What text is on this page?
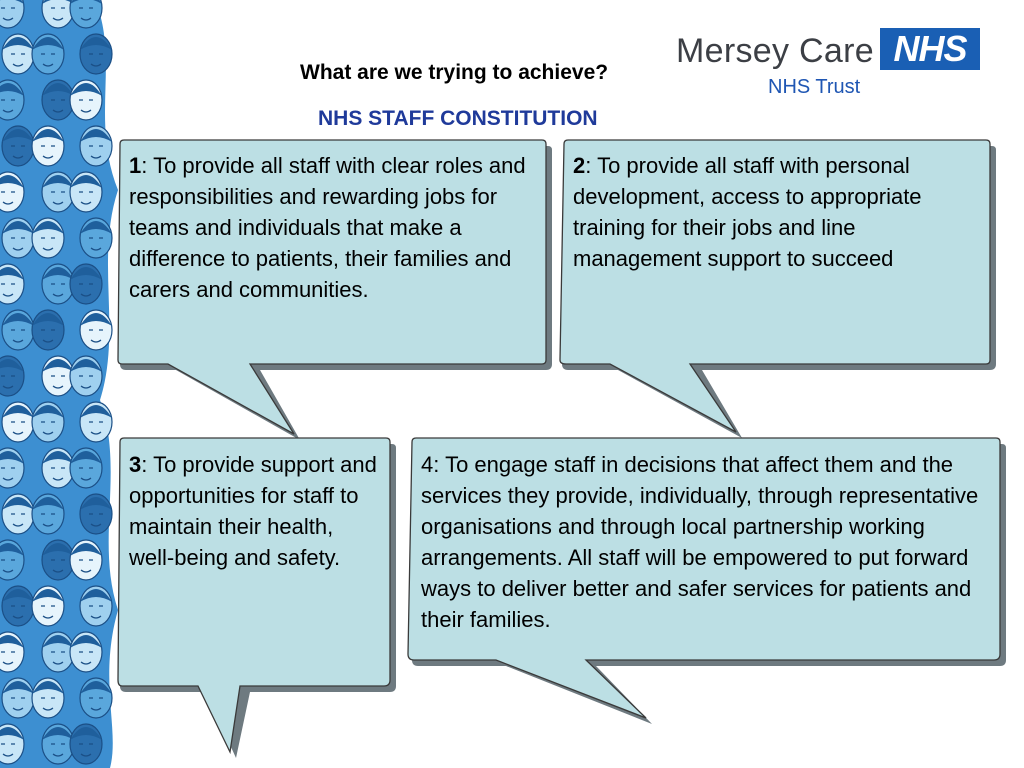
What are we trying to achieve?
NHS STAFF CONSTITUTION
Mersey Care
NHS Trust
NHS
1: To provide all staff with clear roles and responsibilities and rewarding jobs for teams and individuals that make a difference to patients, their families and carers and communities.
2: To provide all staff with personal development, access to appropriate training for their jobs and line management support to succeed
3: To provide support and opportunities for staff to maintain their health, well-being and safety.
4: To engage staff in decisions that affect them and the services they provide, individually, through representative organisations and through local partnership working arrangements. All staff will be empowered to put forward ways to deliver better and safer services for patients and their families.
